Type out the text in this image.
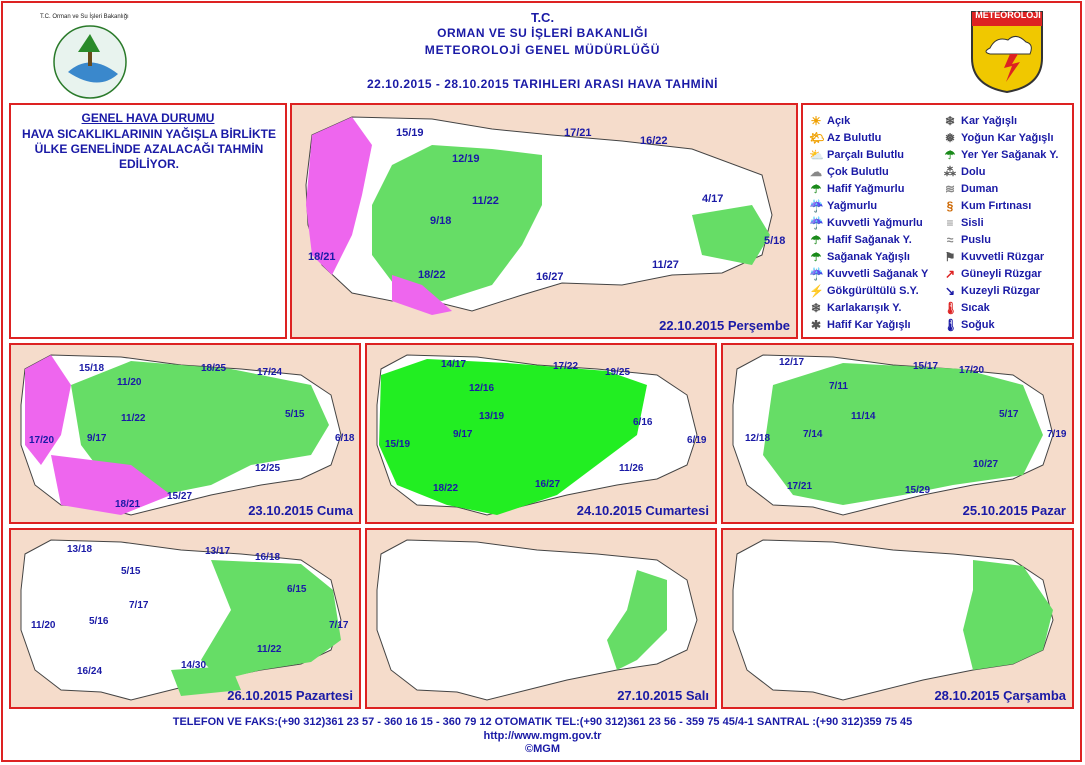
T.C. Orman ve Su İşleri Bakanlığı	METEOROLOJİ
T.C.
ORMAN VE SU İŞLERİ BAKANLIĞI
METEOROLOJİ GENEL MÜDÜRLÜĞÜ
22.10.2015 - 28.10.2015 TARIHLERI ARASI HAVA TAHMİNİ
GENEL HAVA DURUMU
HAVA SICAKLIKLARININ YAĞIŞLA BİRLİKTE ÜLKE GENELİNDE AZALACAĞI TAHMİN EDİLİYOR.
15/19
12/19
17/21
16/22
11/22
9/18
4/17
5/18
18/21
18/22	16/27
11/27
22.10.2015 Perşembe
☀ Açık
🌤 Az Bulutlu
⛅ Parçalı Bulutlu
☁ Çok Bulutlu
☂ Hafif Yağmurlu
☔ Yağmurlu
☔ Kuvvetli Yağmurlu
☂ Hafif Sağanak Y.
☂ Sağanak Yağışlı
☔ Kuvvetli Sağanak Y
⚡ Gökgürültülü S.Y.
❄ Karlakarışık Y.
✱ Hafif Kar Yağışlı
❄ Kar Yağışlı
❅ Yoğun Kar Yağışlı
☂ Yer Yer Sağanak Y.
⁂ Dolu
≋ Duman
§ Kum Fırtınası
≡ Sisli
≈ Puslu
⚑ Kuvvetli Rüzgar
↗ Güneyli Rüzgar
↘ Kuzeyli Rüzgar
🌡 Sıcak
🌡 Soğuk
15/18
11/20
18/25	17/24
11/22	5/15
9/17
17/20	6/18
12/25
15/27
18/21	23.10.2015 Cuma
14/17
12/16
17/22
19/25
13/19
6/16
9/17
15/19	6/19
11/26
18/22	16/27
24.10.2015 Cumartesi
12/17
7/11
15/17 17/20
11/14	5/17
7/14
12/18	7/19
10/27
17/21	15/29
25.10.2015 Pazar
13/18
5/15
13/17
16/18
7/17
6/15
5/16
11/20	7/17
11/22
16/24
14/30
26.10.2015 Pazartesi	27.10.2015 Salı	28.10.2015 Çarşamba
TELEFON VE FAKS:(+90 312)361 23 57 - 360 16 15 - 360 79 12 OTOMATIK TEL:(+90 312)361 23 56 - 359 75 45/4-1 SANTRAL :(+90 312)359 75 45
http://www.mgm.gov.tr
©MGM
